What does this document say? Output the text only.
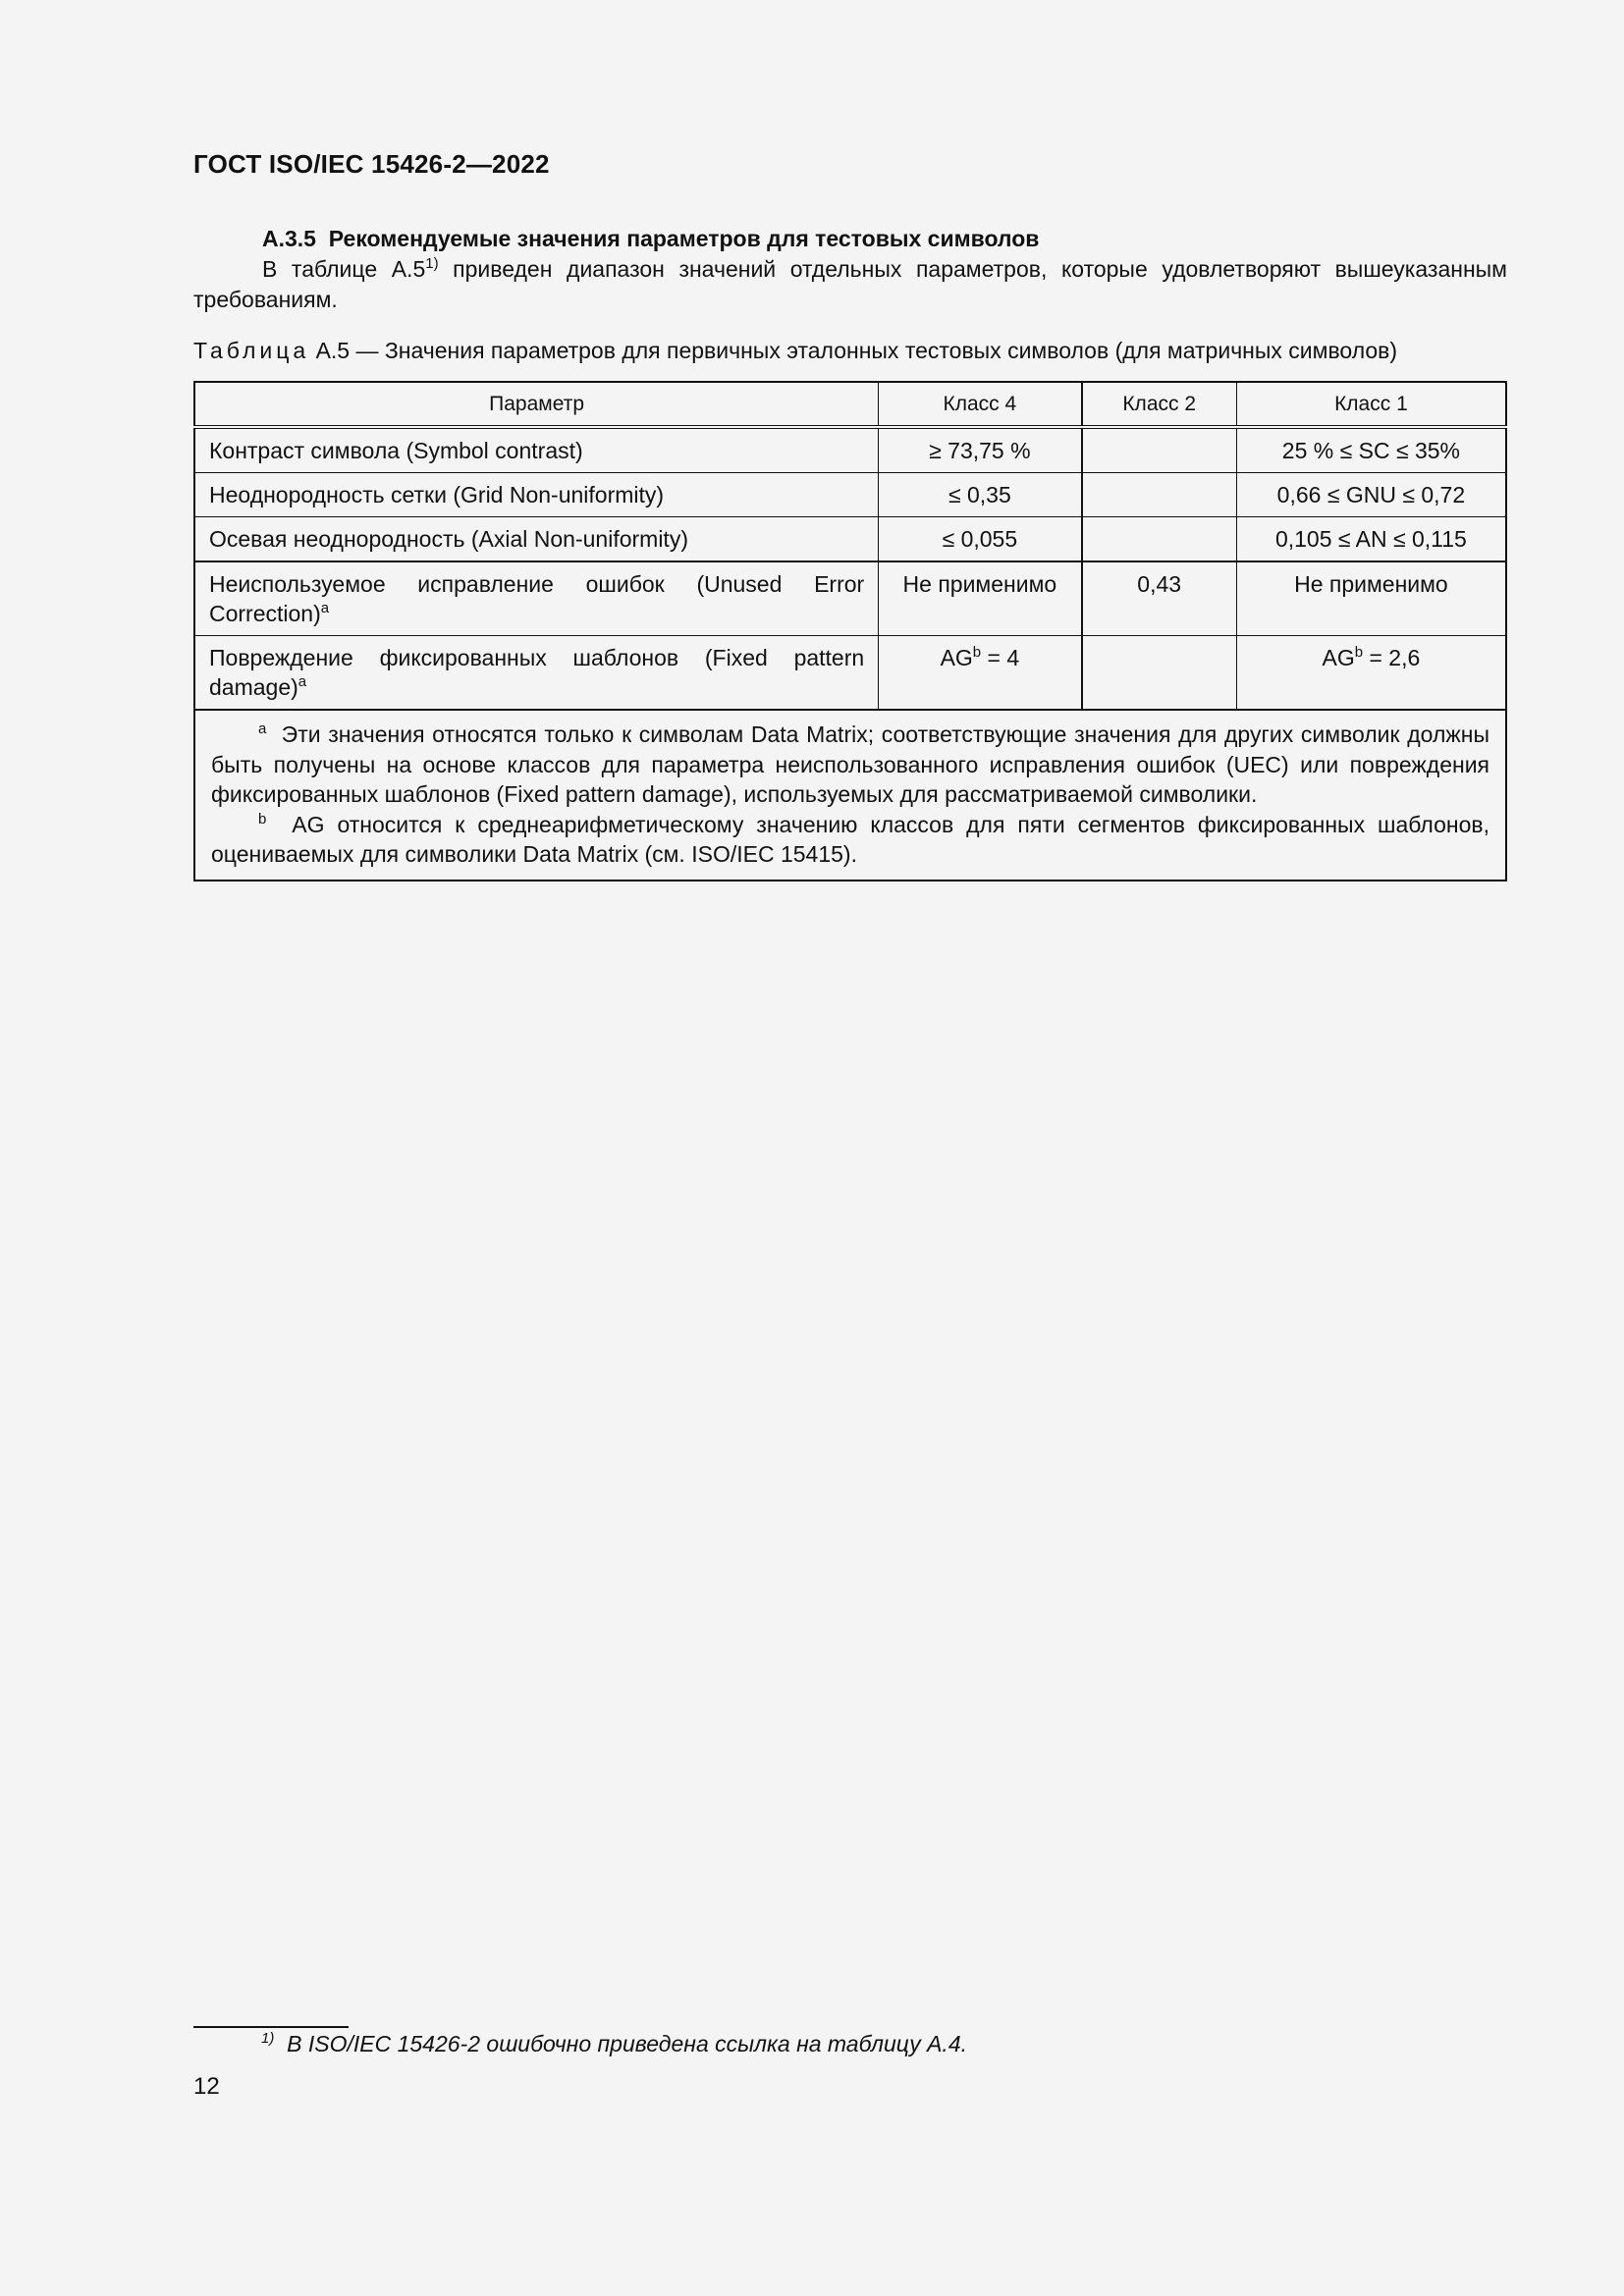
ГОСТ ISO/IEC 15426-2—2022
А.3.5 Рекомендуемые значения параметров для тестовых символов
В таблице А.5$^{1)}$ приведен диапазон значений отдельных параметров, которые удовлетворяют вышеуказанным требованиям.
Таблица А.5 — Значения параметров для первичных эталонных тестовых символов (для матричных символов)
Параметр	Класс 4	Класс 2	Класс 1
Контраст символа (Symbol contrast)	≥ 73,75 %		25 % ≤ SC ≤ 35%
Неоднородность сетки (Grid Non-uniformity)	≤ 0,35		0,66 ≤ GNU ≤ 0,72
Осевая неоднородность (Axial Non-uniformity)	≤ 0,055		0,105 ≤ AN ≤ 0,115
Неиспользуемое исправление ошибок (Unused Error Correction)$^a$	Не применимо	0,43	Не применимо
Повреждение фиксированных шаблонов (Fixed pattern damage)$^a$	$AG^b = 4$		$AG^b = 2,6$

$^a$ Эти значения относятся только к символам Data Matrix; соответствующие значения для других символик должны быть получены на основе классов для параметра неиспользованного исправления ошибок (UEC) или повреждения фиксированных шаблонов (Fixed pattern damage), используемых для рассматриваемой символики.
$^b$ AG относится к среднеарифметическому значению классов для пяти сегментов фиксированных шаблонов, оцениваемых для символики Data Matrix (см. ISO/IEC 15415).			
$^{1)}$ В ISO/IEC 15426-2 ошибочно приведена ссылка на таблицу А.4.
12
